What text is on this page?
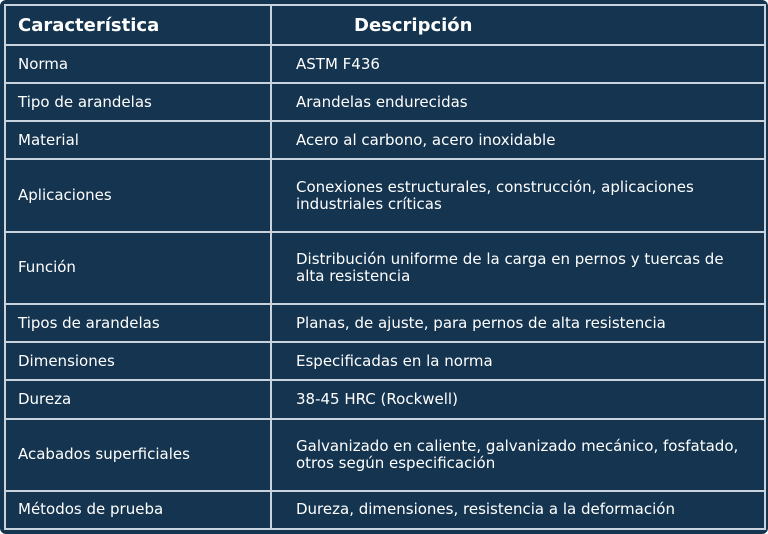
Característica	Descripción
Norma	ASTM F436
Tipo de arandelas	Arandelas endurecidas
Material	Acero al carbono, acero inoxidable
Aplicaciones	Conexiones estructurales, construcción, aplicaciones industriales críticas
Función	Distribución uniforme de la carga en pernos y tuercas de alta resistencia
Tipos de arandelas	Planas, de ajuste, para pernos de alta resistencia
Dimensiones	Especificadas en la norma
Dureza	38-45 HRC (Rockwell)
Acabados superficiales	Galvanizado en caliente, galvanizado mecánico, fosfatado, otros según especificación
Métodos de prueba	Dureza, dimensiones, resistencia a la deformación
